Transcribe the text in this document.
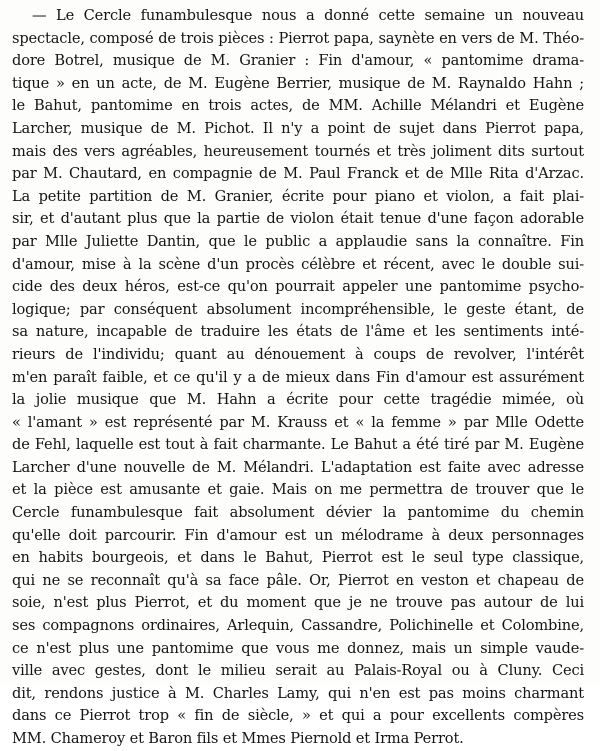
— Le Cercle funambulesque nous a donné cette semaine un nouveau
spectacle, composé de trois pièces : Pierrot papa, saynète en vers de M. Théo-
dore Botrel, musique de M. Granier : Fin d'amour, « pantomime drama-
tique » en un acte, de M. Eugène Berrier, musique de M. Raynaldo Hahn ;
le Bahut, pantomime en trois actes, de MM. Achille Mélandri et Eugène
Larcher, musique de M. Pichot. Il n'y a point de sujet dans Pierrot papa,
mais des vers agréables, heureusement tournés et très joliment dits surtout
par M. Chautard, en compagnie de M. Paul Franck et de Mlle Rita d'Arzac.
La petite partition de M. Granier, écrite pour piano et violon, a fait plai-
sir, et d'autant plus que la partie de violon était tenue d'une façon adorable
par Mlle Juliette Dantin, que le public a applaudie sans la connaître. Fin
d'amour, mise à la scène d'un procès célèbre et récent, avec le double sui-
cide des deux héros, est-ce qu'on pourrait appeler une pantomime psycho-
logique; par conséquent absolument incompréhensible, le geste étant, de
sa nature, incapable de traduire les états de l'âme et les sentiments inté-
rieurs de l'individu; quant au dénouement à coups de revolver, l'intérêt
m'en paraît faible, et ce qu'il y a de mieux dans Fin d'amour est assurément
la jolie musique que M. Hahn a écrite pour cette tragédie mimée, où
« l'amant » est représenté par M. Krauss et « la femme » par Mlle Odette
de Fehl, laquelle est tout à fait charmante. Le Bahut a été tiré par M. Eugène
Larcher d'une nouvelle de M. Mélandri. L'adaptation est faite avec adresse
et la pièce est amusante et gaie. Mais on me permettra de trouver que le
Cercle funambulesque fait absolument dévier la pantomime du chemin
qu'elle doit parcourir. Fin d'amour est un mélodrame à deux personnages
en habits bourgeois, et dans le Bahut, Pierrot est le seul type classique,
qui ne se reconnaît qu'à sa face pâle. Or, Pierrot en veston et chapeau de
soie, n'est plus Pierrot, et du moment que je ne trouve pas autour de lui
ses compagnons ordinaires, Arlequin, Cassandre, Polichinelle et Colombine,
ce n'est plus une pantomime que vous me donnez, mais un simple vaude-
ville avec gestes, dont le milieu serait au Palais-Royal ou à Cluny. Ceci
dit, rendons justice à M. Charles Lamy, qui n'en est pas moins charmant
dans ce Pierrot trop « fin de siècle, » et qui a pour excellents compères
MM. Chameroy et Baron fils et Mmes Piernold et Irma Perrot.
